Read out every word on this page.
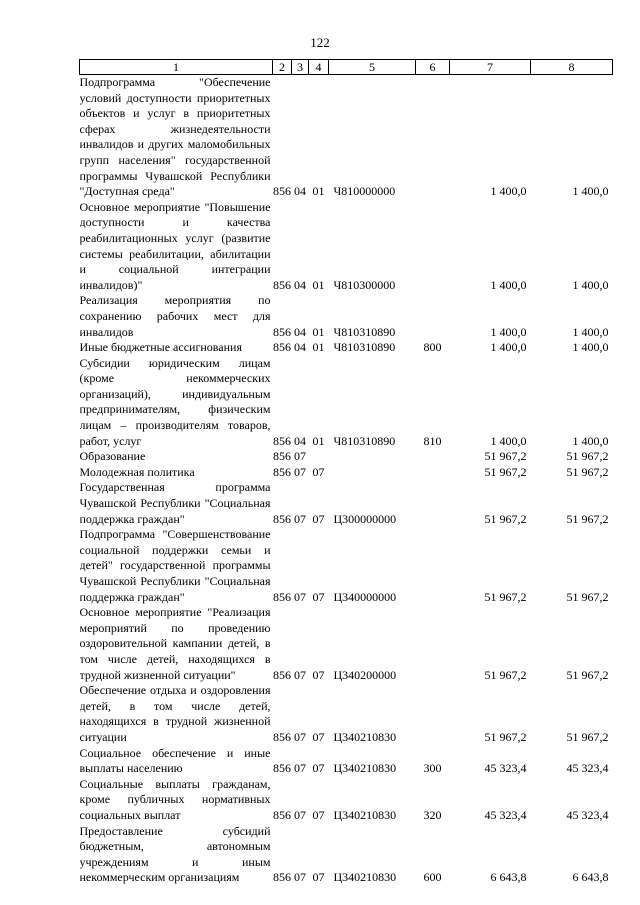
122
1	2	3	4	5	6	7	8
Подпрограмма "Обеспечение условий доступности приоритетных объектов и услуг в приоритетных сферах жизнедеятельности инвалидов и других маломобильных групп населения" государственной программы Чувашской Республики "Доступная среда"	856	04	01	Ч810000000		1 400,0	1 400,0
Основное мероприятие "Повышение доступности и качества реабилитационных услуг (развитие системы реабилитации, абилитации и социальной интеграции инвалидов)"	856	04	01	Ч810300000		1 400,0	1 400,0
Реализация мероприятия по сохранению рабочих мест для инвалидов	856	04	01	Ч810310890		1 400,0	1 400,0
Иные бюджетные ассигнования	856	04	01	Ч810310890	800	1 400,0	1 400,0
Субсидии юридическим лицам (кроме некоммерческих организаций), индивидуальным предпринимателям, физическим лицам – производителям товаров, работ, услуг	856	04	01	Ч810310890	810	1 400,0	1 400,0
Образование	856	07				51 967,2	51 967,2
Молодежная политика	856	07	07			51 967,2	51 967,2
Государственная программа Чувашской Республики "Социальная поддержка граждан"	856	07	07	Ц300000000		51 967,2	51 967,2
Подпрограмма "Совершенствование социальной поддержки семьи и детей" государственной программы Чувашской Республики "Социальная поддержка граждан"	856	07	07	Ц340000000		51 967,2	51 967,2
Основное мероприятие "Реализация мероприятий по проведению оздоровительной кампании детей, в том числе детей, находящихся в трудной жизненной ситуации"	856	07	07	Ц340200000		51 967,2	51 967,2
Обеспечение отдыха и оздоровления детей, в том числе детей, находящихся в трудной жизненной ситуации	856	07	07	Ц340210830		51 967,2	51 967,2
Социальное обеспечение и иные выплаты населению	856	07	07	Ц340210830	300	45 323,4	45 323,4
Социальные выплаты гражданам, кроме публичных нормативных социальных выплат	856	07	07	Ц340210830	320	45 323,4	45 323,4
Предоставление субсидий бюджетным, автономным учреждениям и иным некоммерческим организациям	856	07	07	Ц340210830	600	6 643,8	6 643,8
